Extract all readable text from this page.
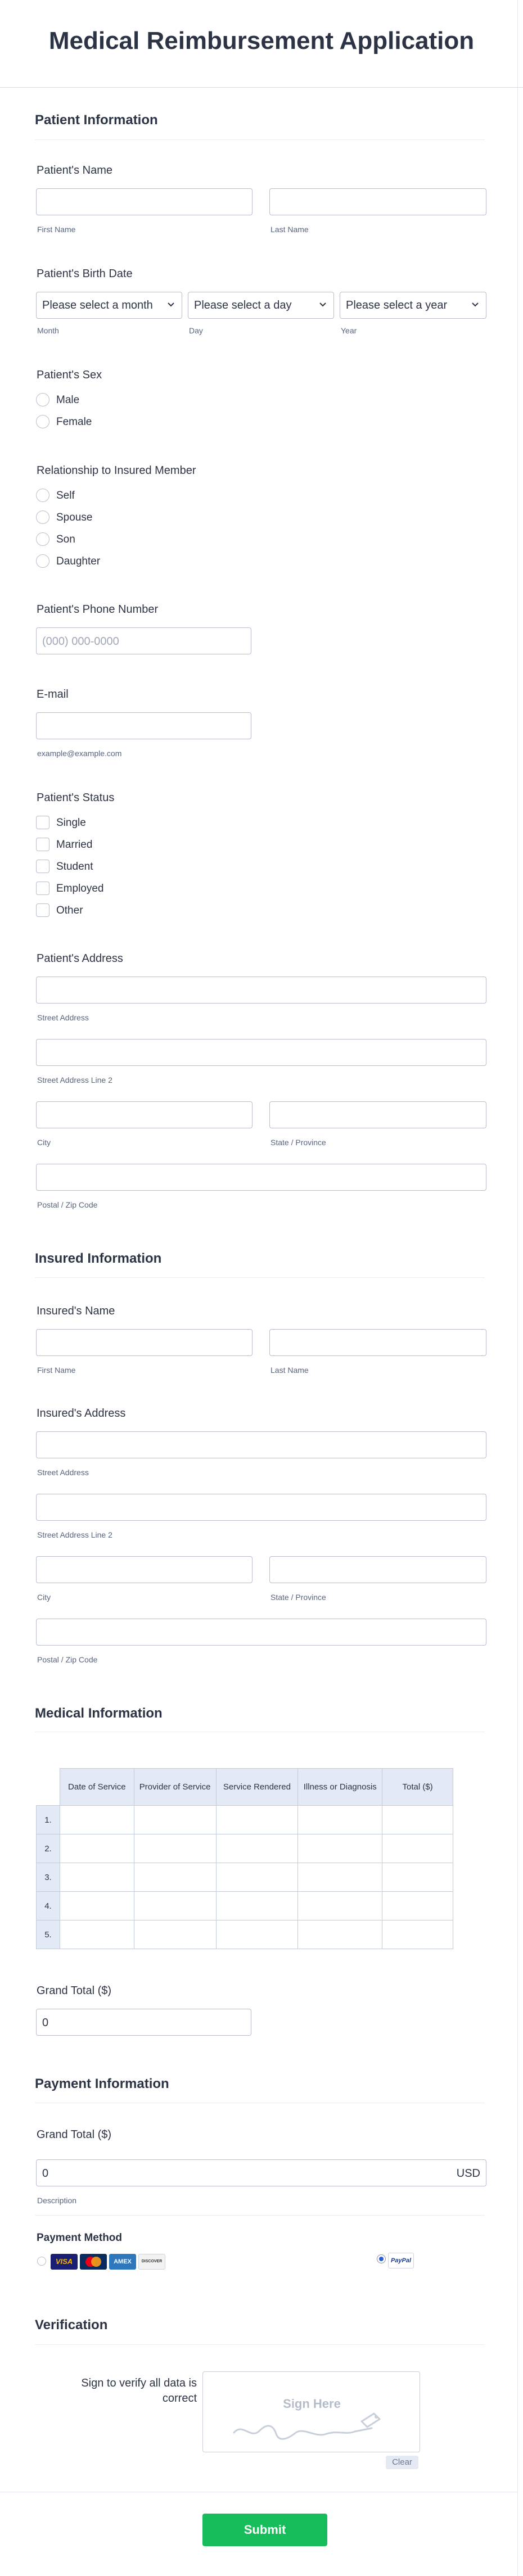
Medical Reimbursement Application
Patient Information
Patient's Name
First Name	Last Name
Patient's Birth Date
Please select a month	Please select a day	Please select a year
Month	Day	Year
Patient's Sex
Male
Female
Relationship to Insured Member
Self
Spouse
Son
Daughter
Patient's Phone Number
(000) 000-0000
E-mail
example@example.com
Patient's Status
Single
Married
Student
Employed
Other
Patient's Address
Street Address
Street Address Line 2
City	State / Province
Postal / Zip Code
Insured Information
Insured's Name
First Name	Last Name
Insured's Address
Street Address
Street Address Line 2
City	State / Province
Postal / Zip Code
Medical Information
	Date of Service	Provider of Service	Service Rendered	Illness or Diagnosis	Total ($)
1.					
2.					
3.					
4.					
5.					
Grand Total ($)
0
Payment Information
Grand Total ($)
0	USD
Description
Payment Method
VISA	AMEX	DISCOVER	PayPal
Verification
Sign to verify all data is correct	Sign Here
Clear
Submit
